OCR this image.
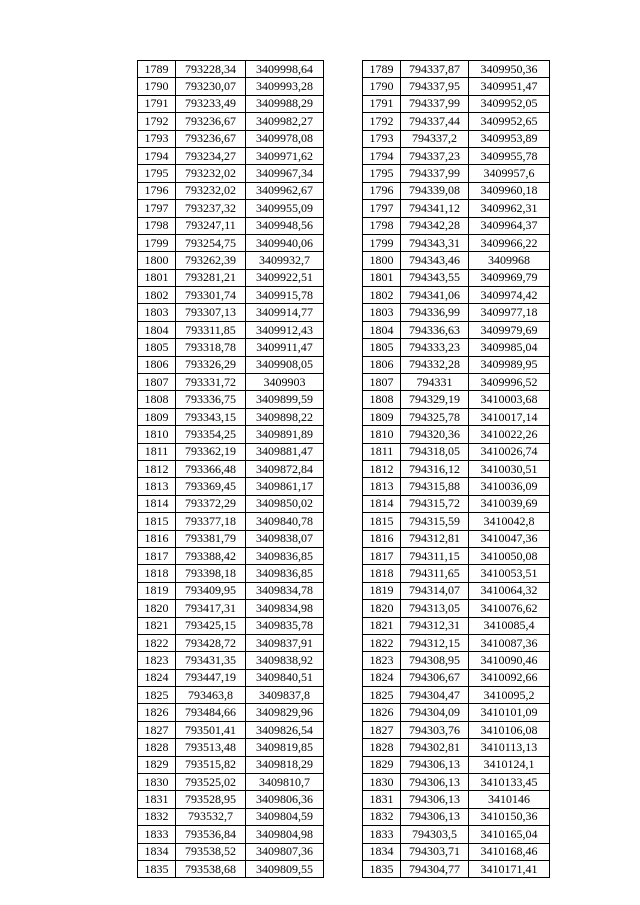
1789	793228,34	3409998,64
1790	793230,07	3409993,28
1791	793233,49	3409988,29
1792	793236,67	3409982,27
1793	793236,67	3409978,08
1794	793234,27	3409971,62
1795	793232,02	3409967,34
1796	793232,02	3409962,67
1797	793237,32	3409955,09
1798	793247,11	3409948,56
1799	793254,75	3409940,06
1800	793262,39	3409932,7
1801	793281,21	3409922,51
1802	793301,74	3409915,78
1803	793307,13	3409914,77
1804	793311,85	3409912,43
1805	793318,78	3409911,47
1806	793326,29	3409908,05
1807	793331,72	3409903
1808	793336,75	3409899,59
1809	793343,15	3409898,22
1810	793354,25	3409891,89
1811	793362,19	3409881,47
1812	793366,48	3409872,84
1813	793369,45	3409861,17
1814	793372,29	3409850,02
1815	793377,18	3409840,78
1816	793381,79	3409838,07
1817	793388,42	3409836,85
1818	793398,18	3409836,85
1819	793409,95	3409834,78
1820	793417,31	3409834,98
1821	793425,15	3409835,78
1822	793428,72	3409837,91
1823	793431,35	3409838,92
1824	793447,19	3409840,51
1825	793463,8	3409837,8
1826	793484,66	3409829,96
1827	793501,41	3409826,54
1828	793513,48	3409819,85
1829	793515,82	3409818,29
1830	793525,02	3409810,7
1831	793528,95	3409806,36
1832	793532,7	3409804,59
1833	793536,84	3409804,98
1834	793538,52	3409807,36
1835	793538,68	3409809,55
1789	794337,87	3409950,36
1790	794337,95	3409951,47
1791	794337,99	3409952,05
1792	794337,44	3409952,65
1793	794337,2	3409953,89
1794	794337,23	3409955,78
1795	794337,99	3409957,6
1796	794339,08	3409960,18
1797	794341,12	3409962,31
1798	794342,28	3409964,37
1799	794343,31	3409966,22
1800	794343,46	3409968
1801	794343,55	3409969,79
1802	794341,06	3409974,42
1803	794336,99	3409977,18
1804	794336,63	3409979,69
1805	794333,23	3409985,04
1806	794332,28	3409989,95
1807	794331	3409996,52
1808	794329,19	3410003,68
1809	794325,78	3410017,14
1810	794320,36	3410022,26
1811	794318,05	3410026,74
1812	794316,12	3410030,51
1813	794315,88	3410036,09
1814	794315,72	3410039,69
1815	794315,59	3410042,8
1816	794312,81	3410047,36
1817	794311,15	3410050,08
1818	794311,65	3410053,51
1819	794314,07	3410064,32
1820	794313,05	3410076,62
1821	794312,31	3410085,4
1822	794312,15	3410087,36
1823	794308,95	3410090,46
1824	794306,67	3410092,66
1825	794304,47	3410095,2
1826	794304,09	3410101,09
1827	794303,76	3410106,08
1828	794302,81	3410113,13
1829	794306,13	3410124,1
1830	794306,13	3410133,45
1831	794306,13	3410146
1832	794306,13	3410150,36
1833	794303,5	3410165,04
1834	794303,71	3410168,46
1835	794304,77	3410171,41
